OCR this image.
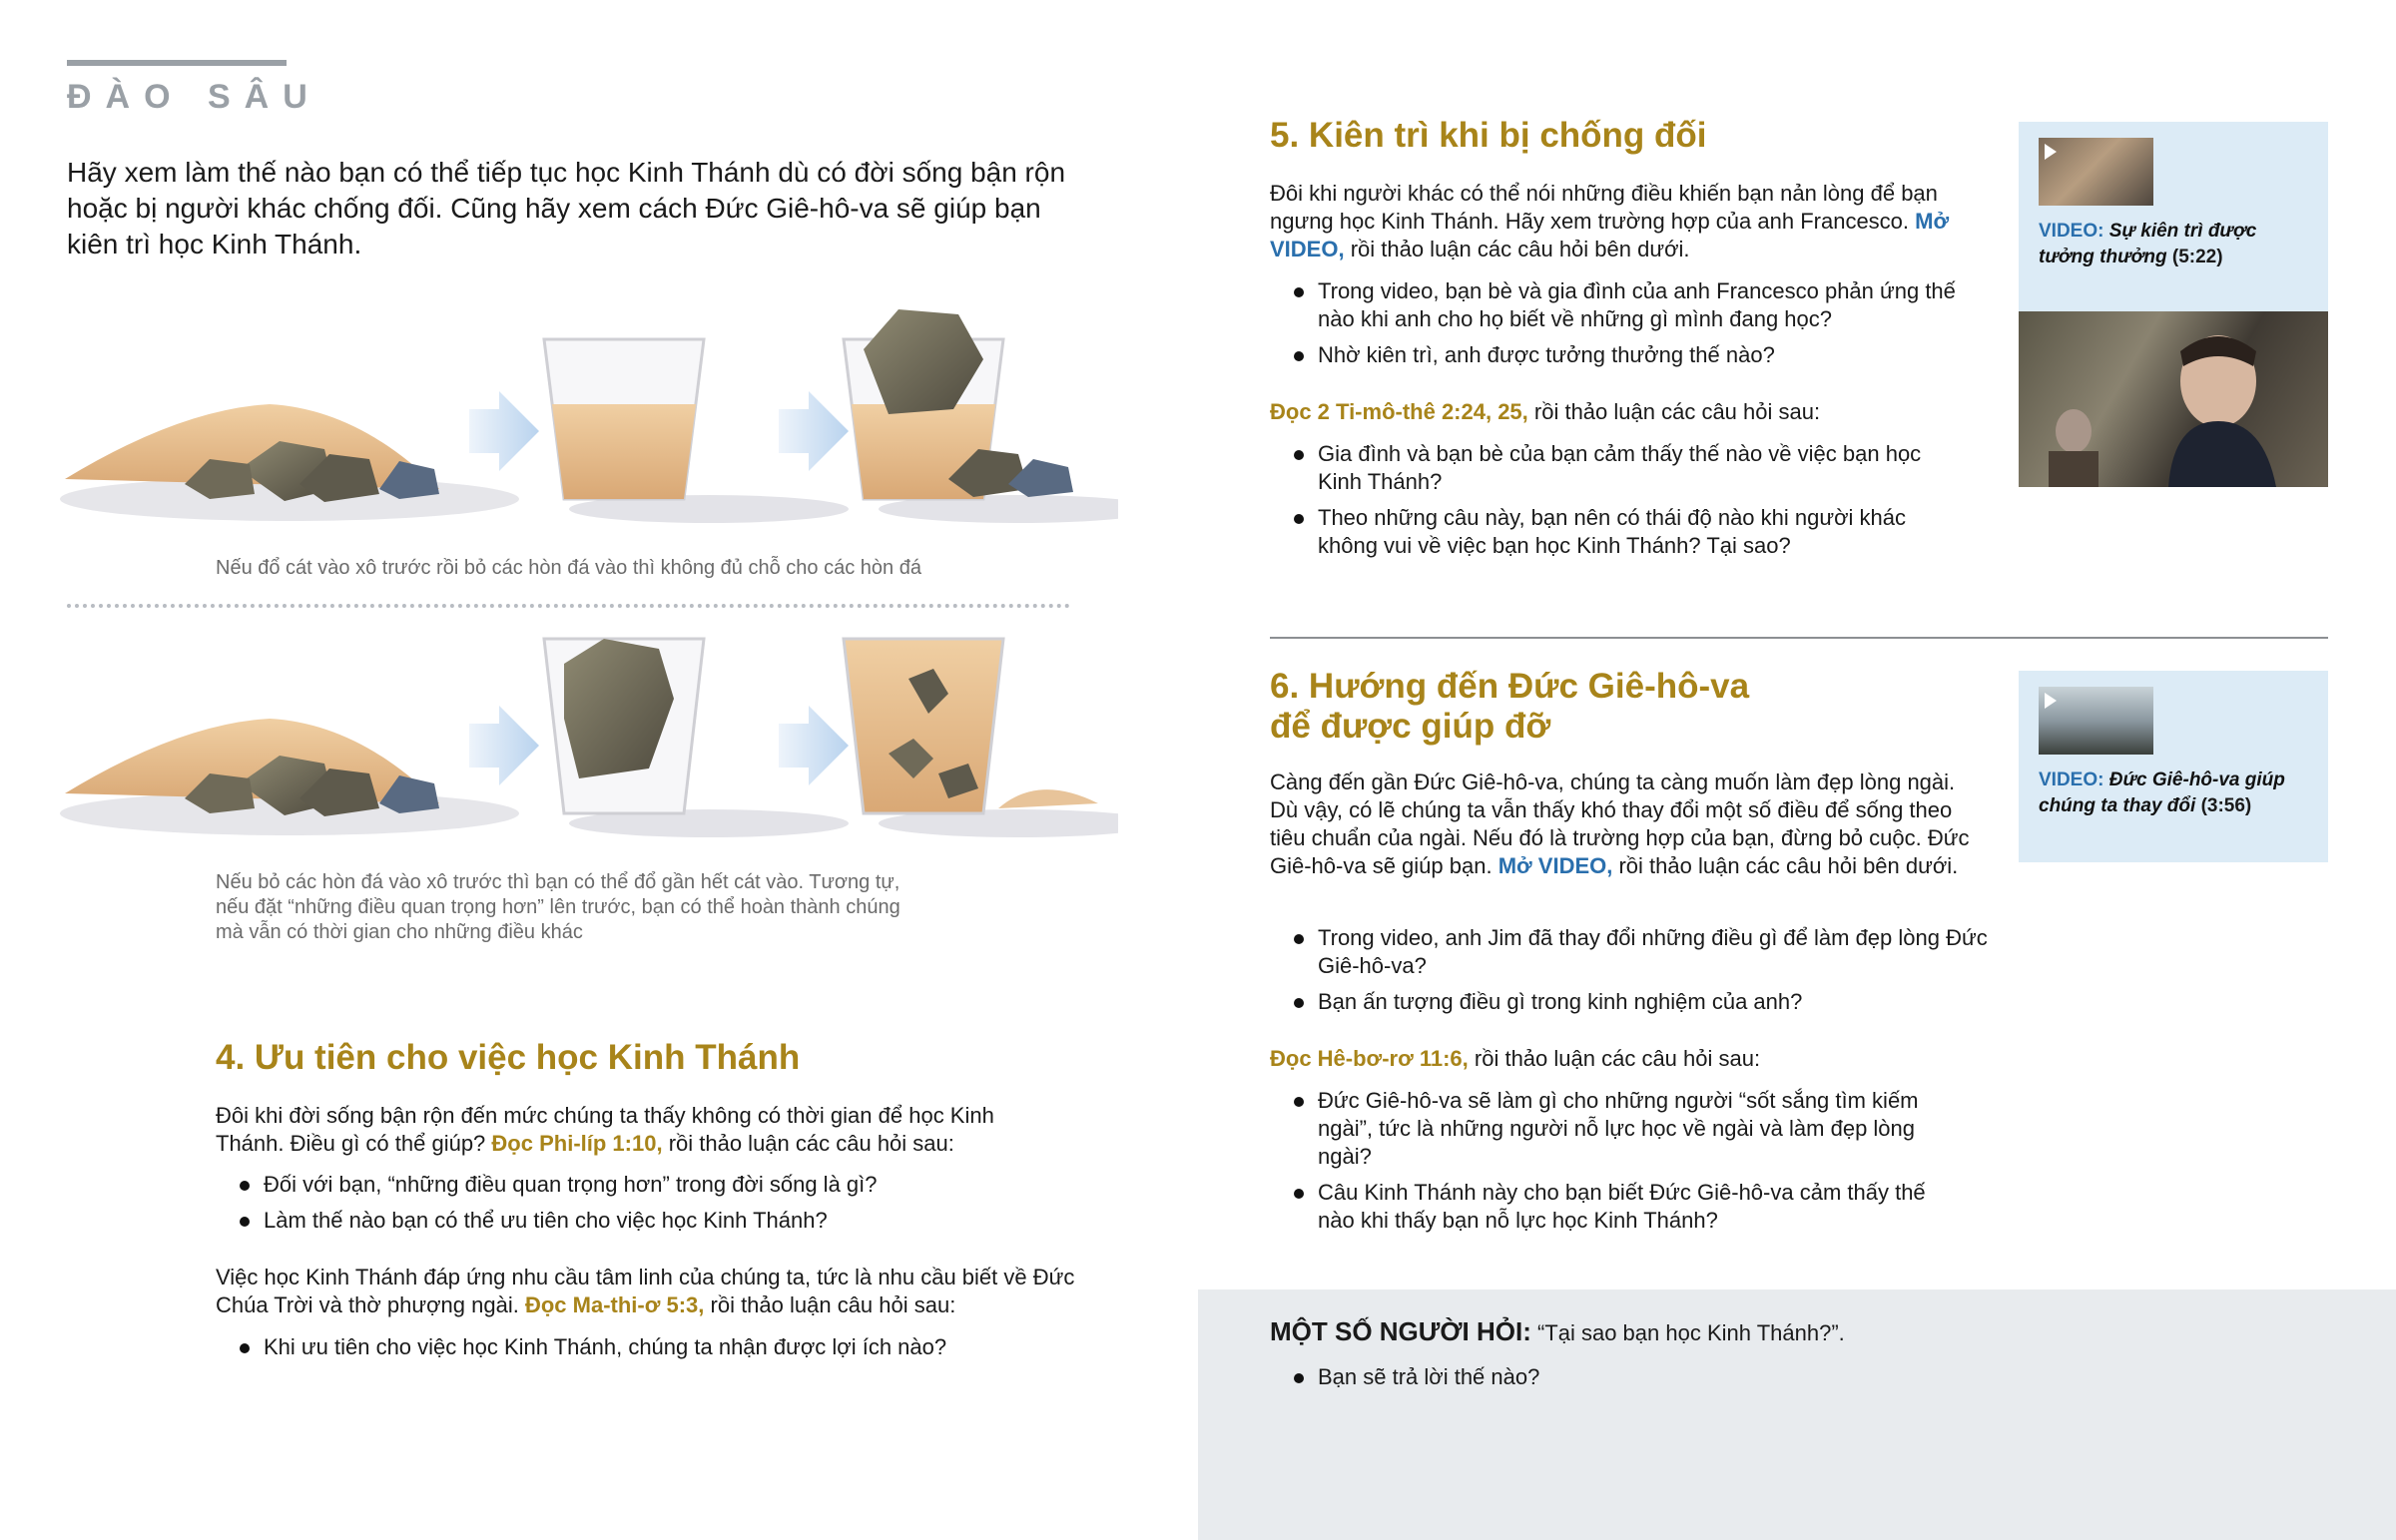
ĐÀO SÂU
Hãy xem làm thế nào bạn có thể tiếp tục học Kinh Thánh dù có đời sống bận rộn hoặc bị người khác chống đối. Cũng hãy xem cách Đức Giê-hô-va sẽ giúp bạn kiên trì học Kinh Thánh.
Nếu đổ cát vào xô trước rồi bỏ các hòn đá vào thì không đủ chỗ cho các hòn đá
Nếu bỏ các hòn đá vào xô trước thì bạn có thể đổ gần hết cát vào. Tương tự,
nếu đặt “những điều quan trọng hơn” lên trước, bạn có thể hoàn thành chúng
mà vẫn có thời gian cho những điều khác
4. Ưu tiên cho việc học Kinh Thánh
Đôi khi đời sống bận rộn đến mức chúng ta thấy không có thời gian để học Kinh Thánh. Điều gì có thể giúp? Đọc Phi-líp 1:10, rồi thảo luận các câu hỏi sau:
Đối với bạn, “những điều quan trọng hơn” trong đời sống là gì?
Làm thế nào bạn có thể ưu tiên cho việc học Kinh Thánh?
Việc học Kinh Thánh đáp ứng nhu cầu tâm linh của chúng ta, tức là nhu cầu biết về Đức Chúa Trời và thờ phượng ngài. Đọc Ma-thi-ơ 5:3, rồi thảo luận câu hỏi sau:
Khi ưu tiên cho việc học Kinh Thánh, chúng ta nhận được lợi ích nào?
5. Kiên trì khi bị chống đối
Đôi khi người khác có thể nói những điều khiến bạn nản lòng để bạn ngưng học Kinh Thánh. Hãy xem trường hợp của anh Francesco. Mở VIDEO, rồi thảo luận các câu hỏi bên dưới.
Trong video, bạn bè và gia đình của anh Francesco phản ứng thế nào khi anh cho họ biết về những gì mình đang học?
Nhờ kiên trì, anh được tưởng thưởng thế nào?
Đọc 2 Ti-mô-thê 2:24, 25, rồi thảo luận các câu hỏi sau:
Gia đình và bạn bè của bạn cảm thấy thế nào về việc bạn học Kinh Thánh?
Theo những câu này, bạn nên có thái độ nào khi người khác không vui về việc bạn học Kinh Thánh? Tại sao?
VIDEO: Sự kiên trì được tưởng thưởng (5:22)
6. Hướng đến Đức Giê-hô-va
để được giúp đỡ
Càng đến gần Đức Giê-hô-va, chúng ta càng muốn làm đẹp lòng ngài. Dù vậy, có lẽ chúng ta vẫn thấy khó thay đổi một số điều để sống theo tiêu chuẩn của ngài. Nếu đó là trường hợp của bạn, đừng bỏ cuộc. Đức Giê-hô-va sẽ giúp bạn. Mở VIDEO, rồi thảo luận các câu hỏi bên dưới.
Trong video, anh Jim đã thay đổi những điều gì để làm đẹp lòng Đức Giê-hô-va?
Bạn ấn tượng điều gì trong kinh nghiệm của anh?
Đọc Hê-bơ-rơ 11:6, rồi thảo luận các câu hỏi sau:
Đức Giê-hô-va sẽ làm gì cho những người “sốt sắng tìm kiếm ngài”, tức là những người nỗ lực học về ngài và làm đẹp lòng ngài?
Câu Kinh Thánh này cho bạn biết Đức Giê-hô-va cảm thấy thế nào khi thấy bạn nỗ lực học Kinh Thánh?
VIDEO: Đức Giê-hô-va giúp chúng ta thay đổi (3:56)
MỘT SỐ NGƯỜI HỎI: “Tại sao bạn học Kinh Thánh?”.
Bạn sẽ trả lời thế nào?
